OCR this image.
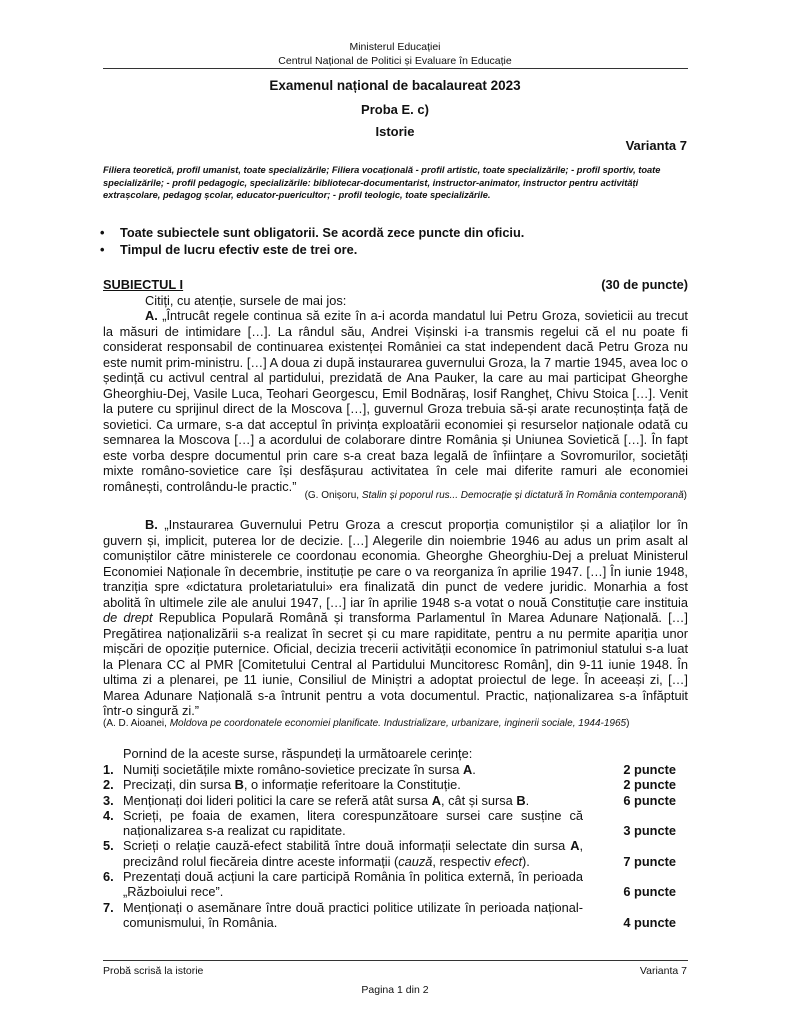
Ministerul Educației
Centrul Național de Politici și Evaluare în Educație
Examenul național de bacalaureat 2023
Proba E. c)
Istorie
Varianta 7
Filiera teoretică, profil umanist, toate specializările; Filiera vocațională - profil artistic, toate specializările; - profil sportiv, toate specializările; - profil pedagogic, specializările: bibliotecar-documentarist, instructor-animator, instructor pentru activități extrașcolare, pedagog școlar, educator-puericultor; - profil teologic, toate specializările.
• Toate subiectele sunt obligatorii. Se acordă zece puncte din oficiu.
• Timpul de lucru efectiv este de trei ore.
SUBIECTUL I	(30 de puncte)
Citiți, cu atenție, sursele de mai jos:

A. „Întrucât regele continua să ezite în a-i acorda mandatul lui Petru Groza, sovieticii au trecut la măsuri de intimidare […]. La rândul său, Andrei Vișinski i-a transmis regelui că el nu poate fi considerat responsabil de continuarea existenței României ca stat independent dacă Petru Groza nu este numit prim-ministru. […] A doua zi după instaurarea guvernului Groza, la 7 martie 1945, avea loc o ședință cu activul central al partidului, prezidată de Ana Pauker, la care au mai participat Gheorghe Gheorghiu-Dej, Vasile Luca, Teohari Georgescu, Emil Bodnăraș, Iosif Rangheț, Chivu Stoica […]. Venit la putere cu sprijinul direct de la Moscova […], guvernul Groza trebuia să-și arate recunoștința față de sovietici. Ca urmare, s-a dat acceptul în privința exploatării economiei și resurselor naționale odată cu semnarea la Moscova […] a acordului de colaborare dintre România și Uniunea Sovietică […]. În fapt este vorba despre documentul prin care s-a creat baza legală de înființare a Sovromurilor, societăți mixte româno-sovietice care își desfășurau activitatea în cele mai diferite ramuri ale economiei românești, controlându-le practic.”

(G. Onișoru, Stalin și poporul rus... Democrație și dictatură în România contemporană)

B. „Instaurarea Guvernului Petru Groza a crescut proporția comuniștilor și a aliaților lor în guvern și, implicit, puterea lor de decizie. […] Alegerile din noiembrie 1946 au adus un prim asalt al comuniștilor către ministerele ce coordonau economia. Gheorghe Gheorghiu-Dej a preluat Ministerul Economiei Naționale în decembrie, instituție pe care o va reorganiza în aprilie 1947. […] În iunie 1948, tranziția spre «dictatura proletariatului» era finalizată din punct de vedere juridic. Monarhia a fost abolită în ultimele zile ale anului 1947, […] iar în aprilie 1948 s-a votat o nouă Constituție care instituia de drept Republica Populară Română și transforma Parlamentul în Marea Adunare Națională. […] Pregătirea naționalizării s-a realizat în secret și cu mare rapiditate, pentru a nu permite apariția unor mișcări de opoziție puternice. Oficial, decizia trecerii activității economice în patrimoniul statului s-a luat la Plenara CC al PMR [Comitetului Central al Partidului Muncitoresc Român], din 9-11 iunie 1948. În ultima zi a plenarei, pe 11 iunie, Consiliul de Miniștri a adoptat proiectul de lege. În aceeași zi, […] Marea Adunare Națională s-a întrunit pentru a vota documentul. Practic, naționalizarea s-a înfăptuit într-o singură zi.”

(A. D. Aioanei, Moldova pe coordonatele economiei planificate. Industrializare, urbanizare, inginerii sociale, 1944-1965)
Pornind de la aceste surse, răspundeți la următoarele cerințe:
1. Numiți societățile mixte româno-sovietice precizate în sursa A.	2 puncte
2. Precizați, din sursa B, o informație referitoare la Constituție.	2 puncte
3. Menționați doi lideri politici la care se referă atât sursa A, cât și sursa B.	6 puncte
4. Scrieți, pe foaia de examen, litera corespunzătoare sursei care susține că naționalizarea s-a realizat cu rapiditate.	3 puncte
5. Scrieți o relație cauză-efect stabilită între două informații selectate din sursa A, precizând rolul fiecăreia dintre aceste informații (cauză, respectiv efect).	7 puncte
6. Prezentați două acțiuni la care participă România în politica externă, în perioada „Războiului rece”.	6 puncte
7. Menționați o asemănare între două practici politice utilizate în perioada național-comunismului, în România.	4 puncte
Probă scrisă la istorie	Varianta 7
Pagina 1 din 2
